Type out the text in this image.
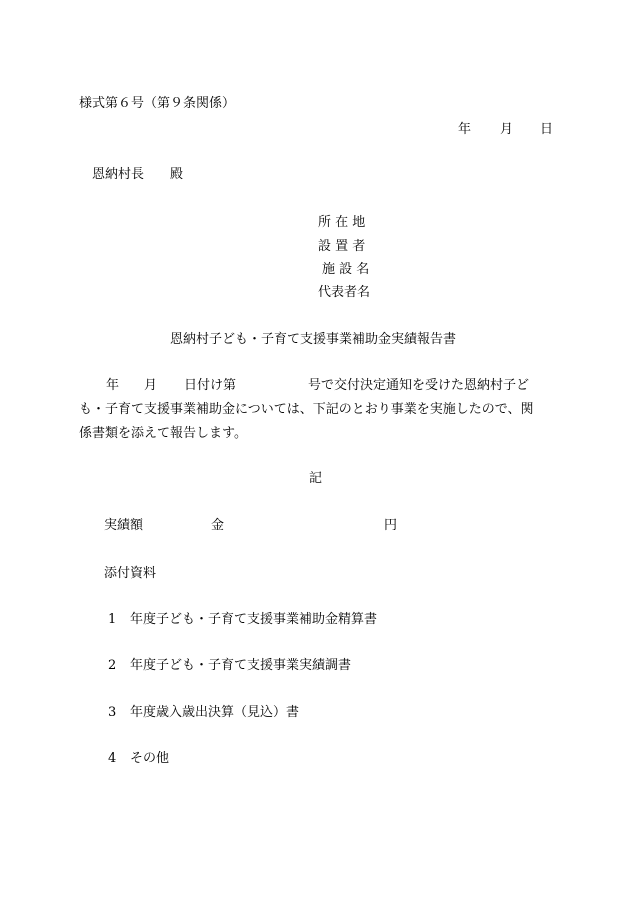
様式第６号（第９条関係）
年 月 日
恩納村長 殿
所 在 地
設 置 者
施 設 名
代表者名
恩納村子ども・子育て支援事業補助金実績報告書
年 月 日付け第	号で交付決定通知を受けた恩納村子ど
も・子育て支援事業補助金については、下記のとおり事業を実施したので、関
係書類を添えて報告します。
記
実績額	金	円
添付資料
1 年度子ども・子育て支援事業補助金精算書
2 年度子ども・子育て支援事業実績調書
3 年度歳入歳出決算（見込）書
4 その他
